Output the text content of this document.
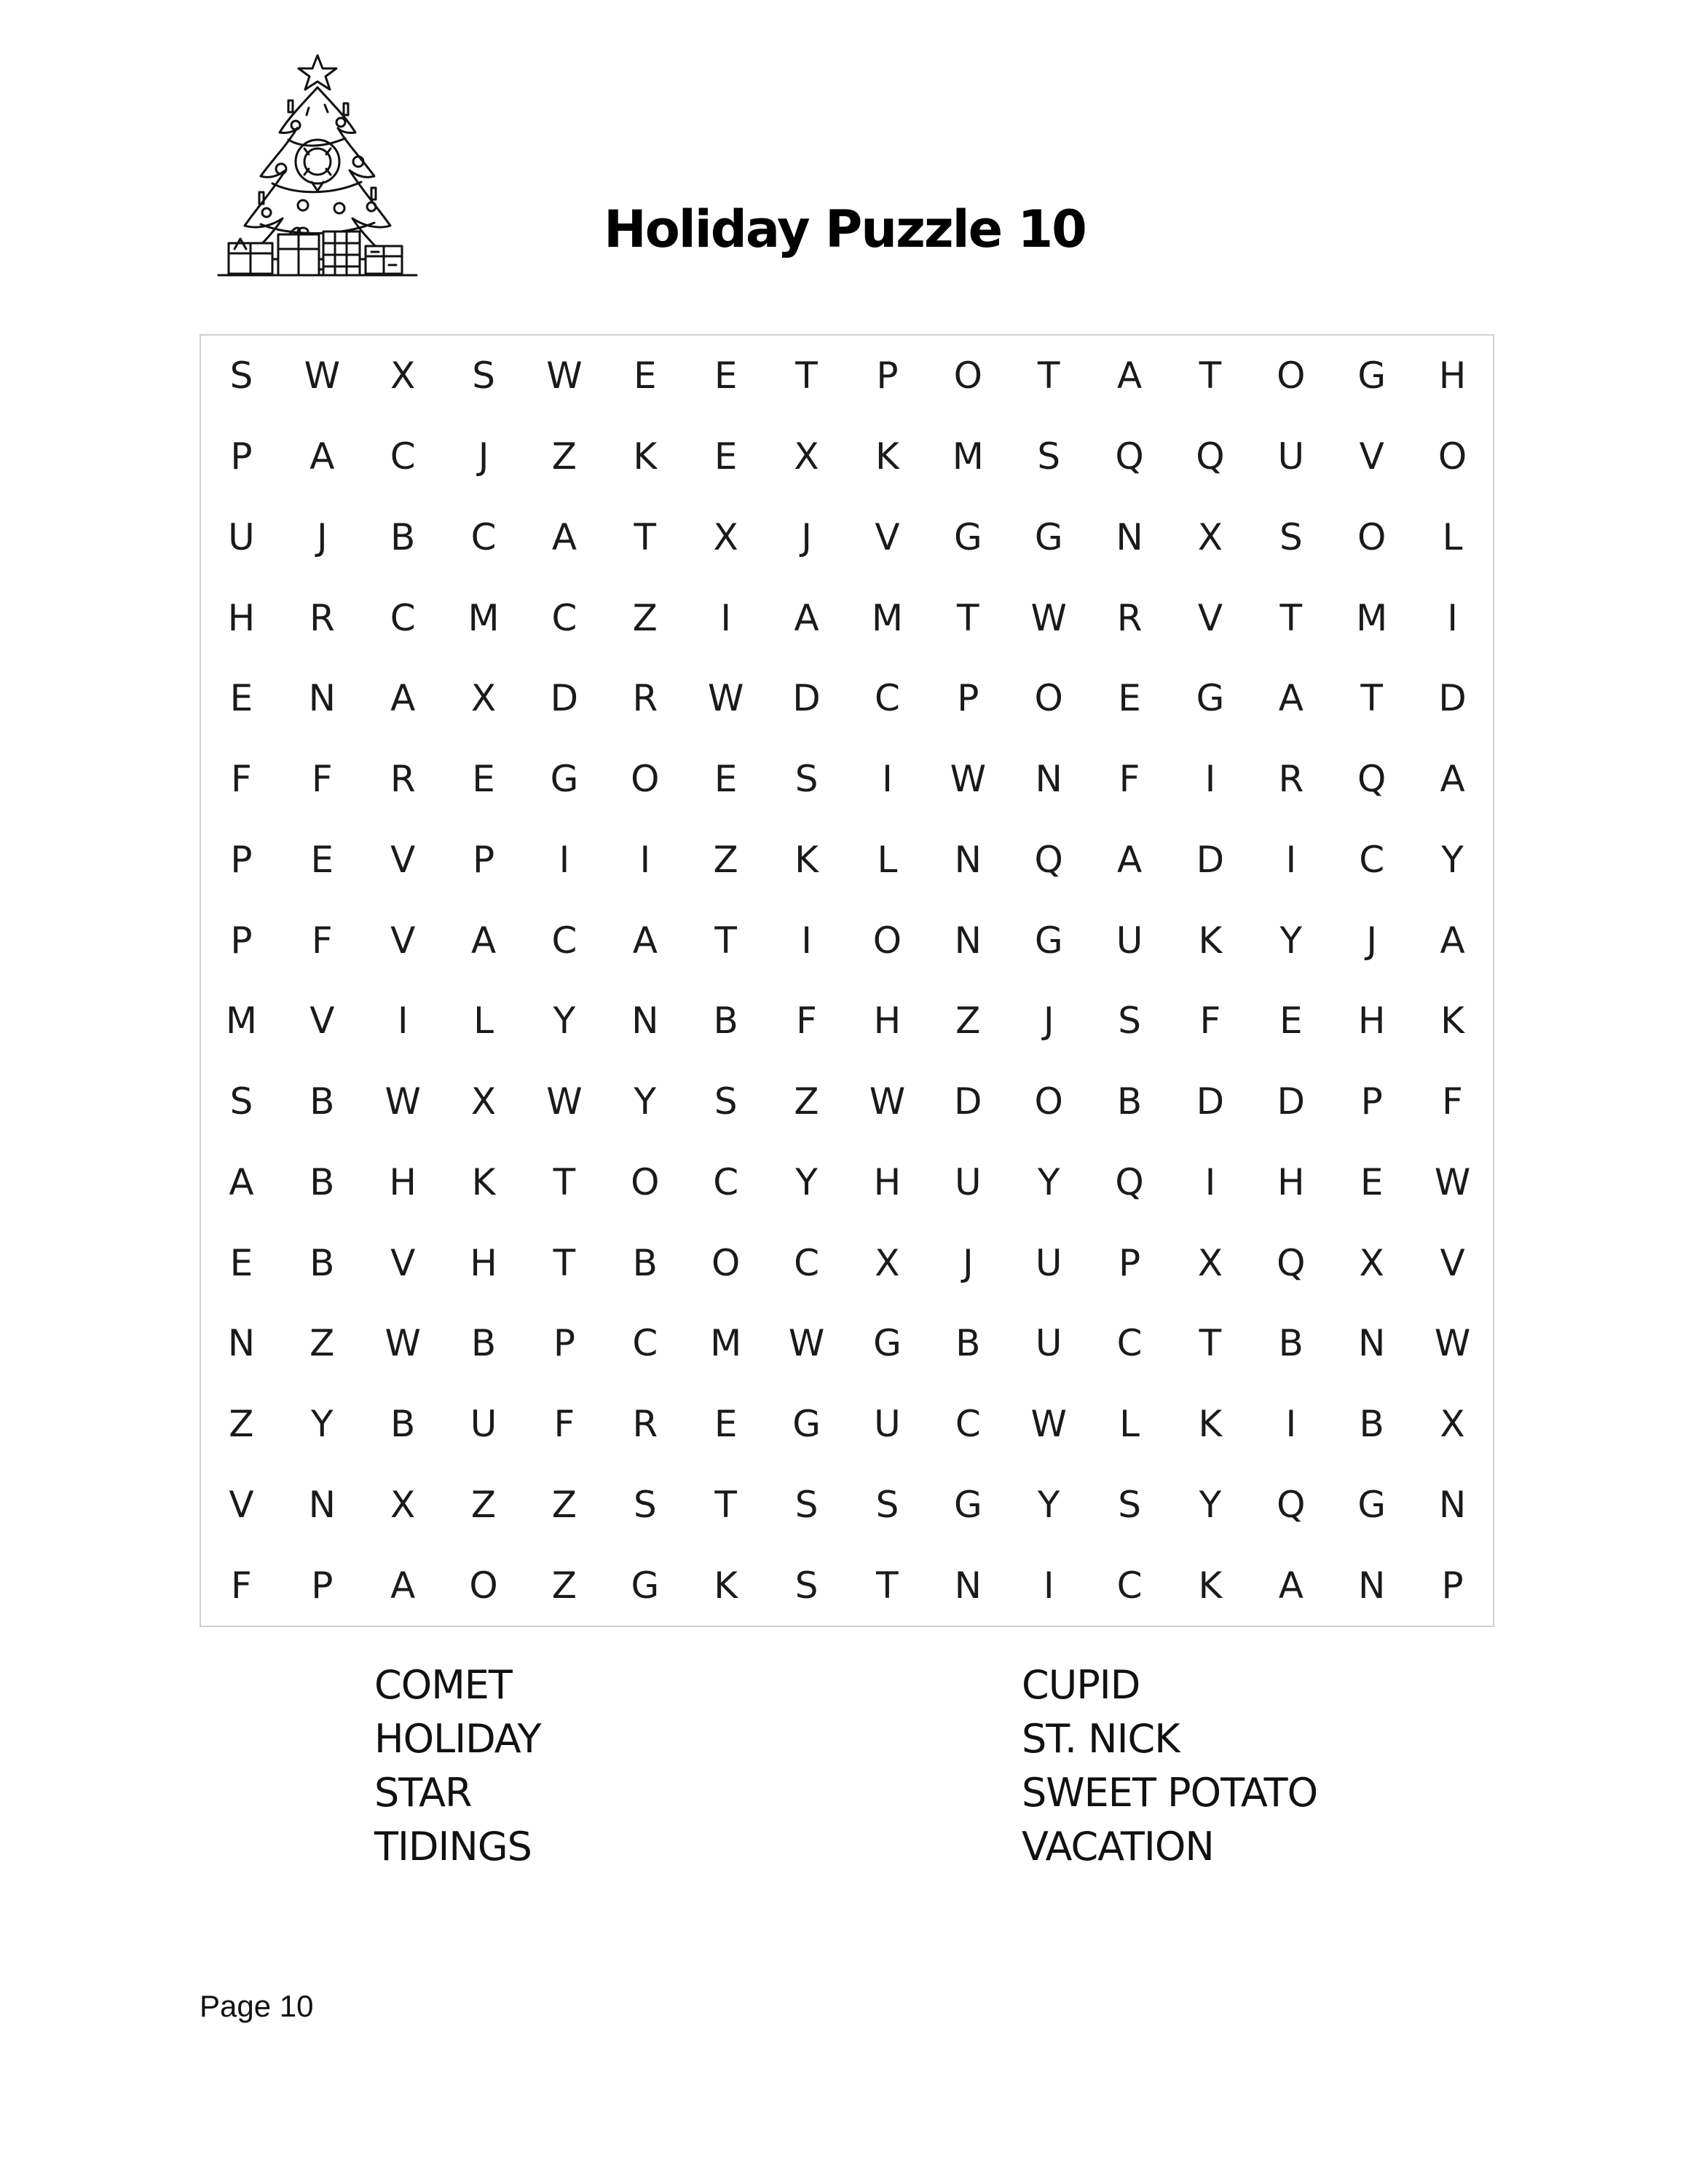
Holiday Puzzle 10
S	W	X	S	W	E	E	T	P	O	T	A	T	O	G	H
P	A	C	J	Z	K	E	X	K	M	S	Q	Q	U	V	O
U	J	B	C	A	T	X	J	V	G	G	N	X	S	O	L
H	R	C	M	C	Z	I	A	M	T	W	R	V	T	M	I
E	N	A	X	D	R	W	D	C	P	O	E	G	A	T	D
F	F	R	E	G	O	E	S	I	W	N	F	I	R	Q	A
P	E	V	P	I	I	Z	K	L	N	Q	A	D	I	C	Y
P	F	V	A	C	A	T	I	O	N	G	U	K	Y	J	A
M	V	I	L	Y	N	B	F	H	Z	J	S	F	E	H	K
S	B	W	X	W	Y	S	Z	W	D	O	B	D	D	P	F
A	B	H	K	T	O	C	Y	H	U	Y	Q	I	H	E	W
E	B	V	H	T	B	O	C	X	J	U	P	X	Q	X	V
N	Z	W	B	P	C	M	W	G	B	U	C	T	B	N	W
Z	Y	B	U	F	R	E	G	U	C	W	L	K	I	B	X
V	N	X	Z	Z	S	T	S	S	G	Y	S	Y	Q	G	N
F	P	A	O	Z	G	K	S	T	N	I	C	K	A	N	P
COMET
HOLIDAY
STAR
TIDINGS
CUPID
ST. NICK
SWEET POTATO
VACATION
Page 10
